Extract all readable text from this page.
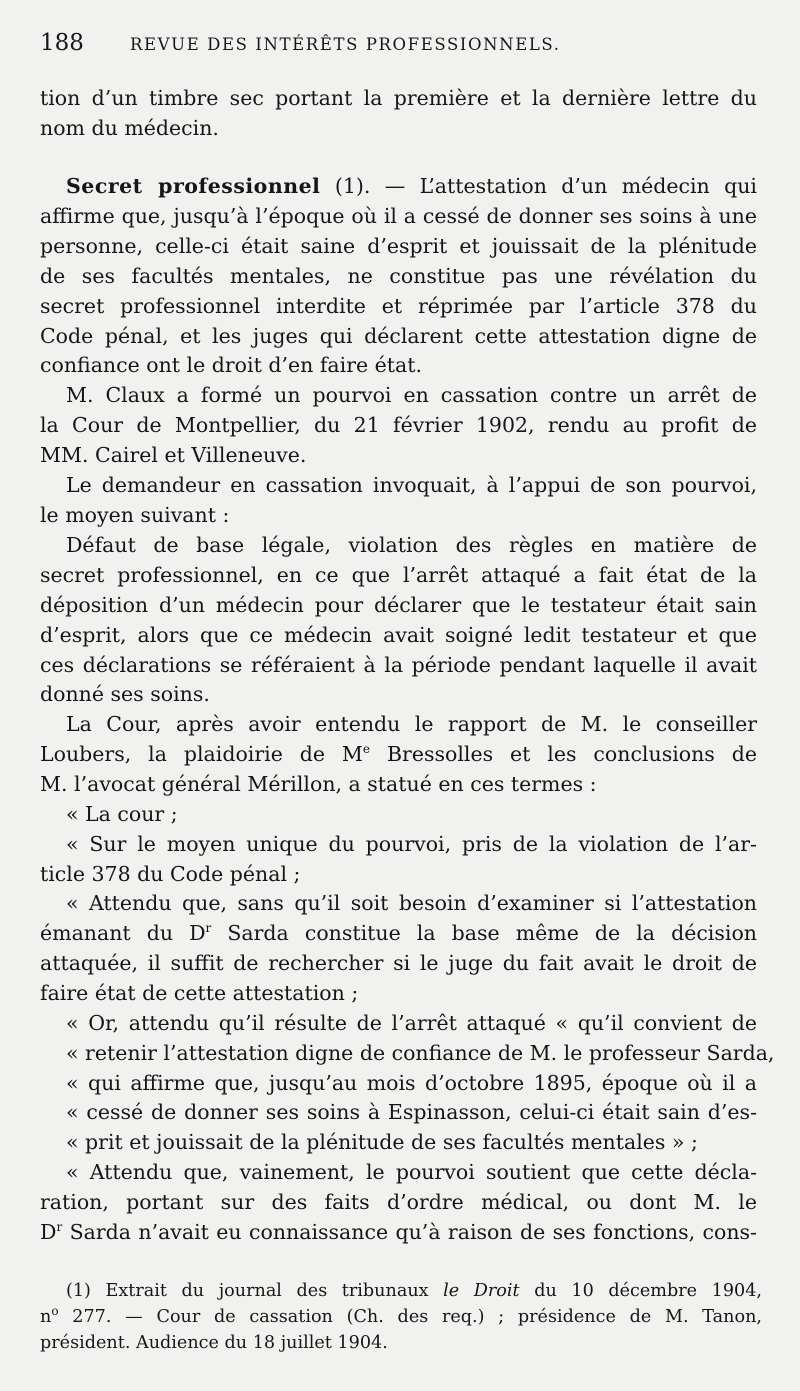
188	REVUE DES INTÉRÊTS PROFESSIONNELS.
tion d’un timbre sec portant la première et la dernière lettre du
nom du médecin.
Secret professionnel (1). — L’attestation d’un médecin qui
affirme que, jusqu’à l’époque où il a cessé de donner ses soins à une
personne, celle-ci était saine d’esprit et jouissait de la plénitude
de ses facultés mentales, ne constitue pas une révélation du
secret professionnel interdite et réprimée par l’article 378 du
Code pénal, et les juges qui déclarent cette attestation digne de
confiance ont le droit d’en faire état.
M. Claux a formé un pourvoi en cassation contre un arrêt de
la Cour de Montpellier, du 21 février 1902, rendu au profit de
MM. Cairel et Villeneuve.
Le demandeur en cassation invoquait, à l’appui de son pourvoi,
le moyen suivant :
Défaut de base légale, violation des règles en matière de
secret professionnel, en ce que l’arrêt attaqué a fait état de la
déposition d’un médecin pour déclarer que le testateur était sain
d’esprit, alors que ce médecin avait soigné ledit testateur et que
ces déclarations se référaient à la période pendant laquelle il avait
donné ses soins.
La Cour, après avoir entendu le rapport de M. le conseiller
Loubers, la plaidoirie de Me Bressolles et les conclusions de
M. l’avocat général Mérillon, a statué en ces termes :
« La cour ;
« Sur le moyen unique du pourvoi, pris de la violation de l’ar-
ticle 378 du Code pénal ;
« Attendu que, sans qu’il soit besoin d’examiner si l’attestation
émanant du $D^r$ Sarda constitue la base même de la décision
attaquée, il suffit de rechercher si le juge du fait avait le droit de
faire état de cette attestation ;
« Or, attendu qu’il résulte de l’arrêt attaqué « qu’il convient de
« retenir l’attestation digne de confiance de M. le professeur Sarda,
« qui affirme que, jusqu’au mois d’octobre 1895, époque où il a
« cessé de donner ses soins à Espinasson, celui-ci était sain d’es-
« prit et jouissait de la plénitude de ses facultés mentales » ;
« Attendu que, vainement, le pourvoi soutient que cette décla-
ration, portant sur des faits d’ordre médical, ou dont M. le
$D^r$ Sarda n’avait eu connaissance qu’à raison de ses fonctions, cons-
(1) Extrait du journal des tribunaux le Droit du 10 décembre 1904,
$n^o$ 277. — Cour de cassation (Ch. des req.) ; présidence de M. Tanon,
président. Audience du 18 juillet 1904.
